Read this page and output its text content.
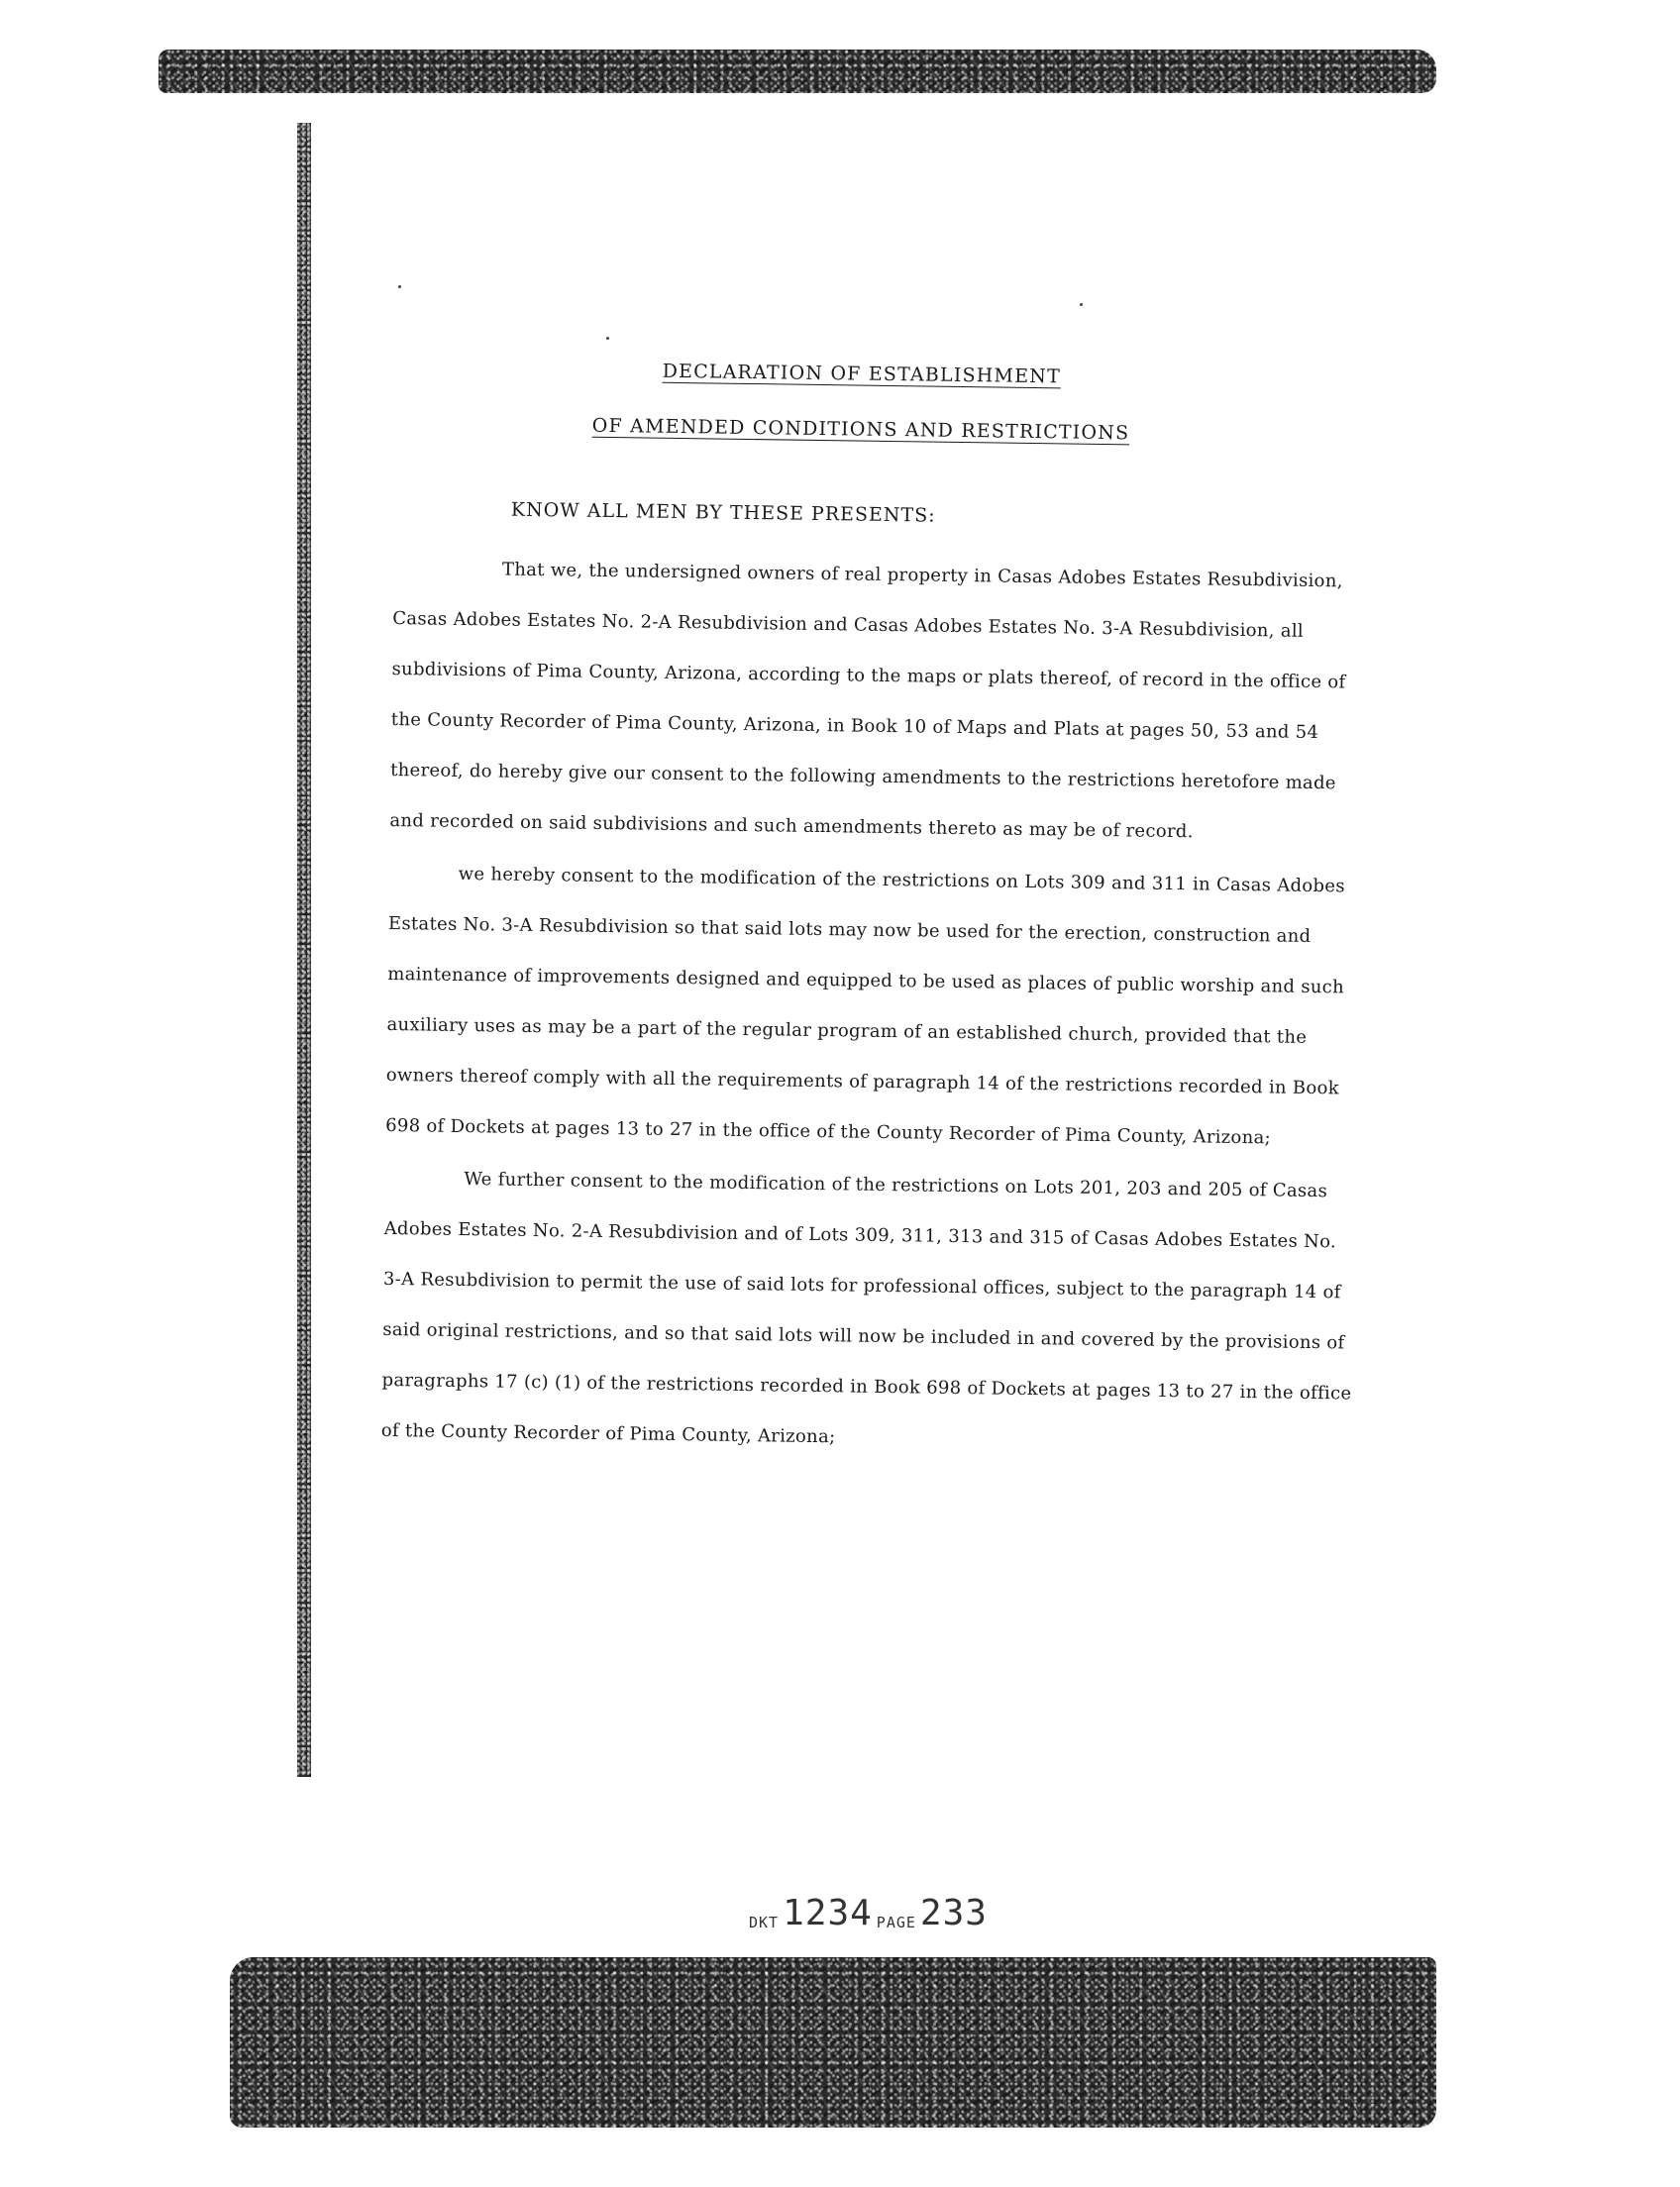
DECLARATION OF ESTABLISHMENT
OF AMENDED CONDITIONS AND RESTRICTIONS
KNOW ALL MEN BY THESE PRESENTS:

That we, the undersigned owners of real property in Casas Adobes Estates Resubdivision, Casas Adobes Estates No. 2-A Resubdivision and Casas Adobes Estates No. 3-A Resubdivision, all subdivisions of Pima County, Arizona, according to the maps or plats thereof, of record in the office of the County Recorder of Pima County, Arizona, in Book 10 of Maps and Plats at pages 50, 53 and 54 thereof, do hereby give our consent to the following amendments to the restrictions heretofore made and recorded on said subdivisions and such amendments thereto as may be of record.

we hereby consent to the modification of the restrictions on Lots 309 and 311 in Casas Adobes Estates No. 3-A Resubdivision so that said lots may now be used for the erection, construction and maintenance of improvements designed and equipped to be used as places of public worship and such auxiliary uses as may be a part of the regular program of an established church, provided that the owners thereof comply with all the requirements of paragraph 14 of the restrictions recorded in Book 698 of Dockets at pages 13 to 27 in the office of the County Recorder of Pima County, Arizona;

We further consent to the modification of the restrictions on Lots 201, 203 and 205 of Casas Adobes Estates No. 2-A Resubdivision and of Lots 309, 311, 313 and 315 of Casas Adobes Estates No. 3-A Resubdivision to permit the use of said lots for professional offices, subject to the paragraph 14 of said original restrictions, and so that said lots will now be included in and covered by the provisions of paragraphs 17 (c) (1) of the restrictions recorded in Book 698 of Dockets at pages 13 to 27 in the office of the County Recorder of Pima County, Arizona;

DKT 1234 PAGE 233
